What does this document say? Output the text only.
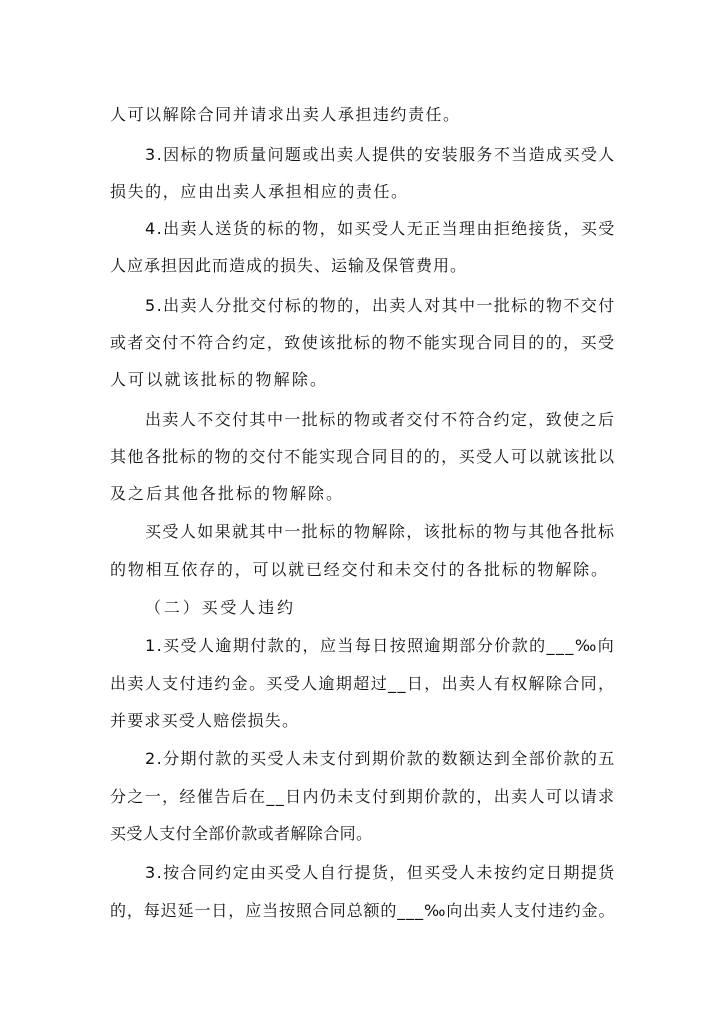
人可以解除合同并请求出卖人承担违约责任。
3.因标的物质量问题或出卖人提供的安装服务不当造成买受人
损失的，应由出卖人承担相应的责任。
4.出卖人送货的标的物，如买受人无正当理由拒绝接货，买受
人应承担因此而造成的损失、运输及保管费用。
5.出卖人分批交付标的物的，出卖人对其中一批标的物不交付
或者交付不符合约定，致使该批标的物不能实现合同目的的，买受
人可以就该批标的物解除。
出卖人不交付其中一批标的物或者交付不符合约定，致使之后
其他各批标的物的交付不能实现合同目的的，买受人可以就该批以
及之后其他各批标的物解除。
买受人如果就其中一批标的物解除，该批标的物与其他各批标
的物相互依存的，可以就已经交付和未交付的各批标的物解除。
（二）买受人违约
1.买受人逾期付款的，应当每日按照逾期部分价款的___‰向
出卖人支付违约金。买受人逾期超过__日，出卖人有权解除合同，
并要求买受人赔偿损失。
2.分期付款的买受人未支付到期价款的数额达到全部价款的五
分之一，经催告后在__日内仍未支付到期价款的，出卖人可以请求
买受人支付全部价款或者解除合同。
3.按合同约定由买受人自行提货，但买受人未按约定日期提货
的，每迟延一日，应当按照合同总额的___‰向出卖人支付违约金。
